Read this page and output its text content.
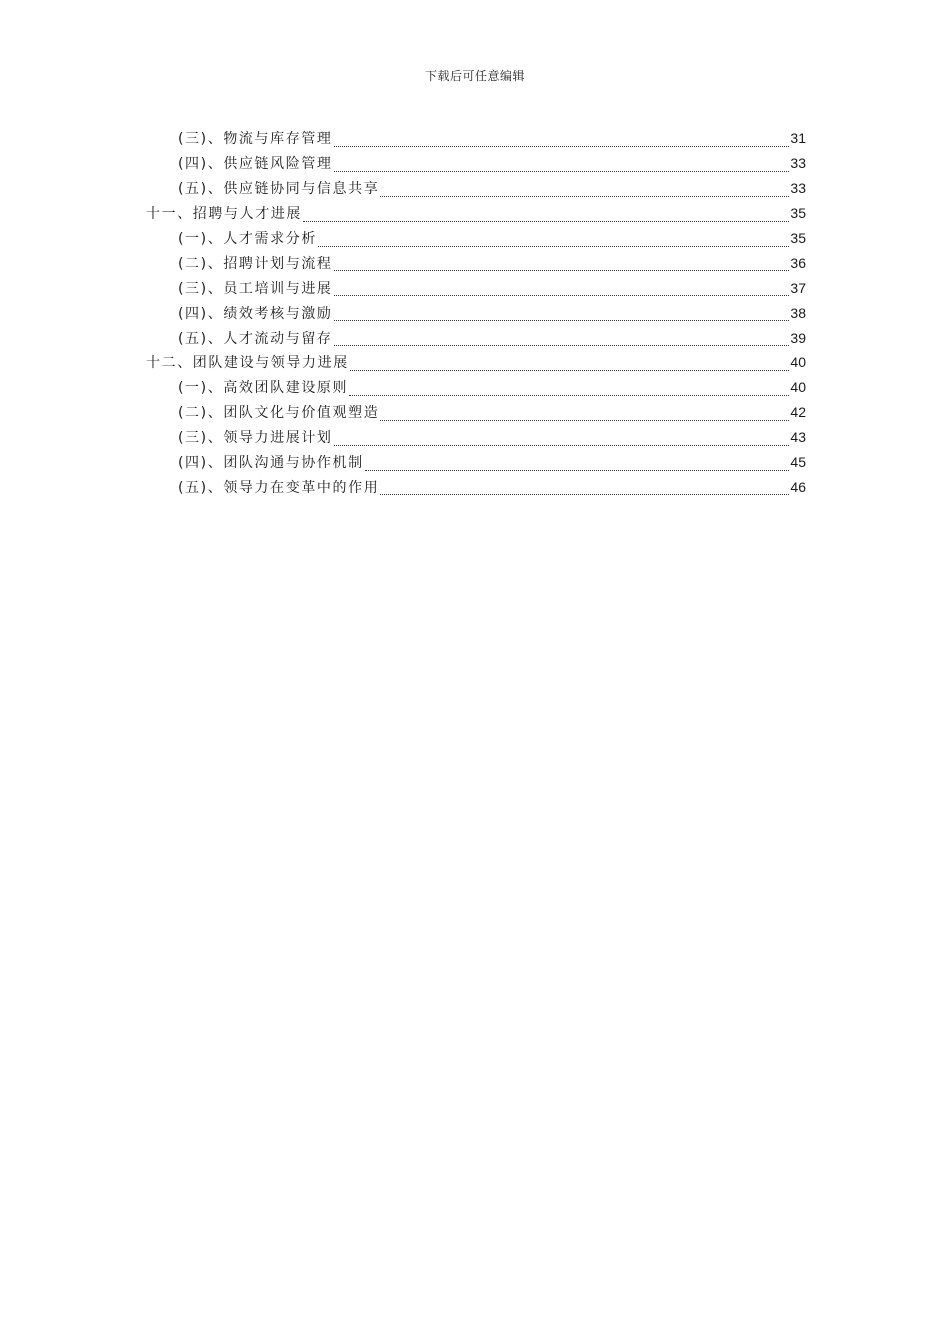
下载后可任意编辑
(三)、物流与库存管理	31
(四)、供应链风险管理	33
(五)、供应链协同与信息共享	33
十一、招聘与人才进展	35
(一)、人才需求分析	35
(二)、招聘计划与流程	36
(三)、员工培训与进展	37
(四)、绩效考核与激励	38
(五)、人才流动与留存	39
十二、团队建设与领导力进展	40
(一)、高效团队建设原则	40
(二)、团队文化与价值观塑造	42
(三)、领导力进展计划	43
(四)、团队沟通与协作机制	45
(五)、领导力在变革中的作用	46
